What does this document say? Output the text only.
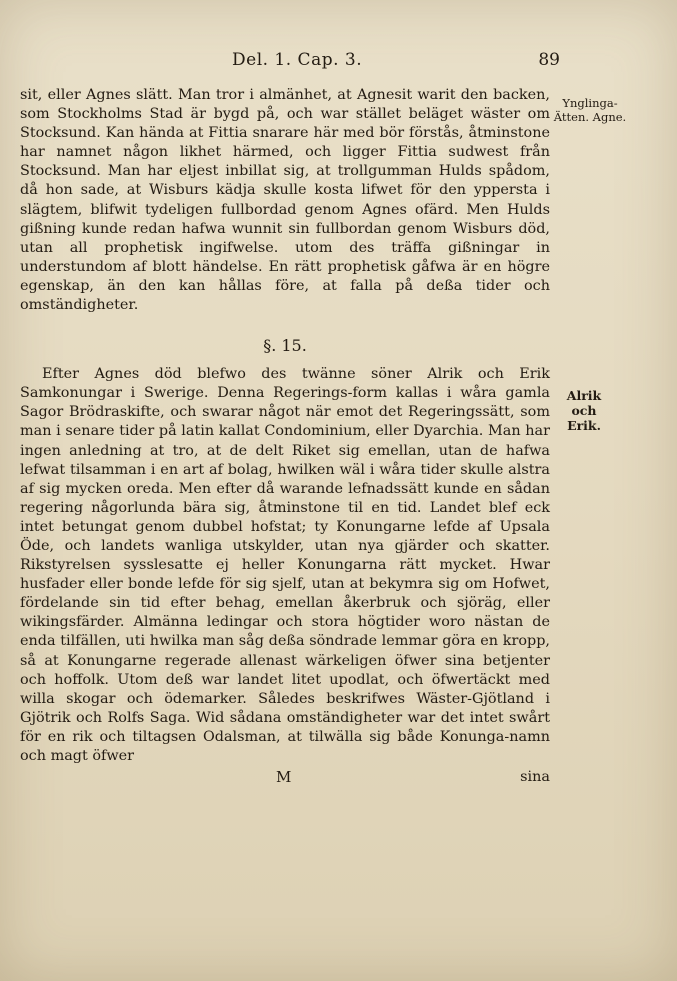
Del. 1. Cap. 3.	89
Ynglinga-Ätten. Agne.
Alrik och Erik.

sit, eller Agnes slätt. Man tror i almänhet, at Agnesit warit den backen, som Stockholms Stad är bygd på, och war stället beläget wäster om Stocksund. Kan hända at Fittia snarare här med bör förstås, åtminstone har namnet någon likhet härmed, och ligger Fittia sudwest från Stocksund. Man har eljest inbillat sig, at trollgumman Hulds spådom, då hon sade, at Wisburs kädja skulle kosta lifwet för den ypperstа i slägtem, blifwit tydeligen fullbordad genom Agnes ofärd. Men Hulds gißning kunde redan hafwa wunnit sin fullbordan genom Wisburs död, utan all prophetisk ingifwelse. utom des träffa gißningar in understundom af blott händelse. En rätt prophetisk gåfwa är en högre egenskap, än den kan hållas före, at falla på deßa tider och omständigheter.

§. 15.

Efter Agnes död blefwo des twänne söner Alrik och Erik Samkonungar i Swerige. Denna Regerings-form kallas i wåra gamla Sagor Brödraskifte, och swarar något när emot det Regeringssätt, som man i senare tider på latin kallat Condominium, eller Dyarchia. Man har ingen anledning at tro, at de delt Riket sig emellan, utan de hafwa lefwat tilsamman i en art af bolag, hwilken wäl i wåra tider skulle alstra af sig mycken oreda. Men efter då warande lefnadssätt kunde en sådan regering någorlunda bära sig, åtminstone til en tid. Landet blef eck intet betungat genom dubbel hofstat; ty Konungarne lefde af Upsala Öde, och landets wanliga utskylder, utan nya gjärder och skatter. Rikstyrelsen sysslesatte ej heller Konungarna rätt mycket. Hwar husfader eller bonde lefde för sig sjelf, utan at bekymra sig om Hofwet, fördelande sin tid efter behag, emellan åkerbruk och sjöräg, eller wikingsfärder. Almänna ledingar och stora högtider woro nästan de enda tilfällen, uti hwilka man såg deßa söndrade lemmar göra en kropp, så at Konungarne regerade allenast wärkeligen öfwer sina betjenter och hoffolk. Utom deß war landet litet upodlat, och öfwertäckt med willa skogar och ödemarker. Således beskrifwes Wäster-Gjötland i Gjötrik och Rolfs Saga. Wid sådana omständigheter war det intet swårt för en rik och tiltagsen Odalsman, at tilwälla sig både Konunga-namn och magt öfwer

M	sina
